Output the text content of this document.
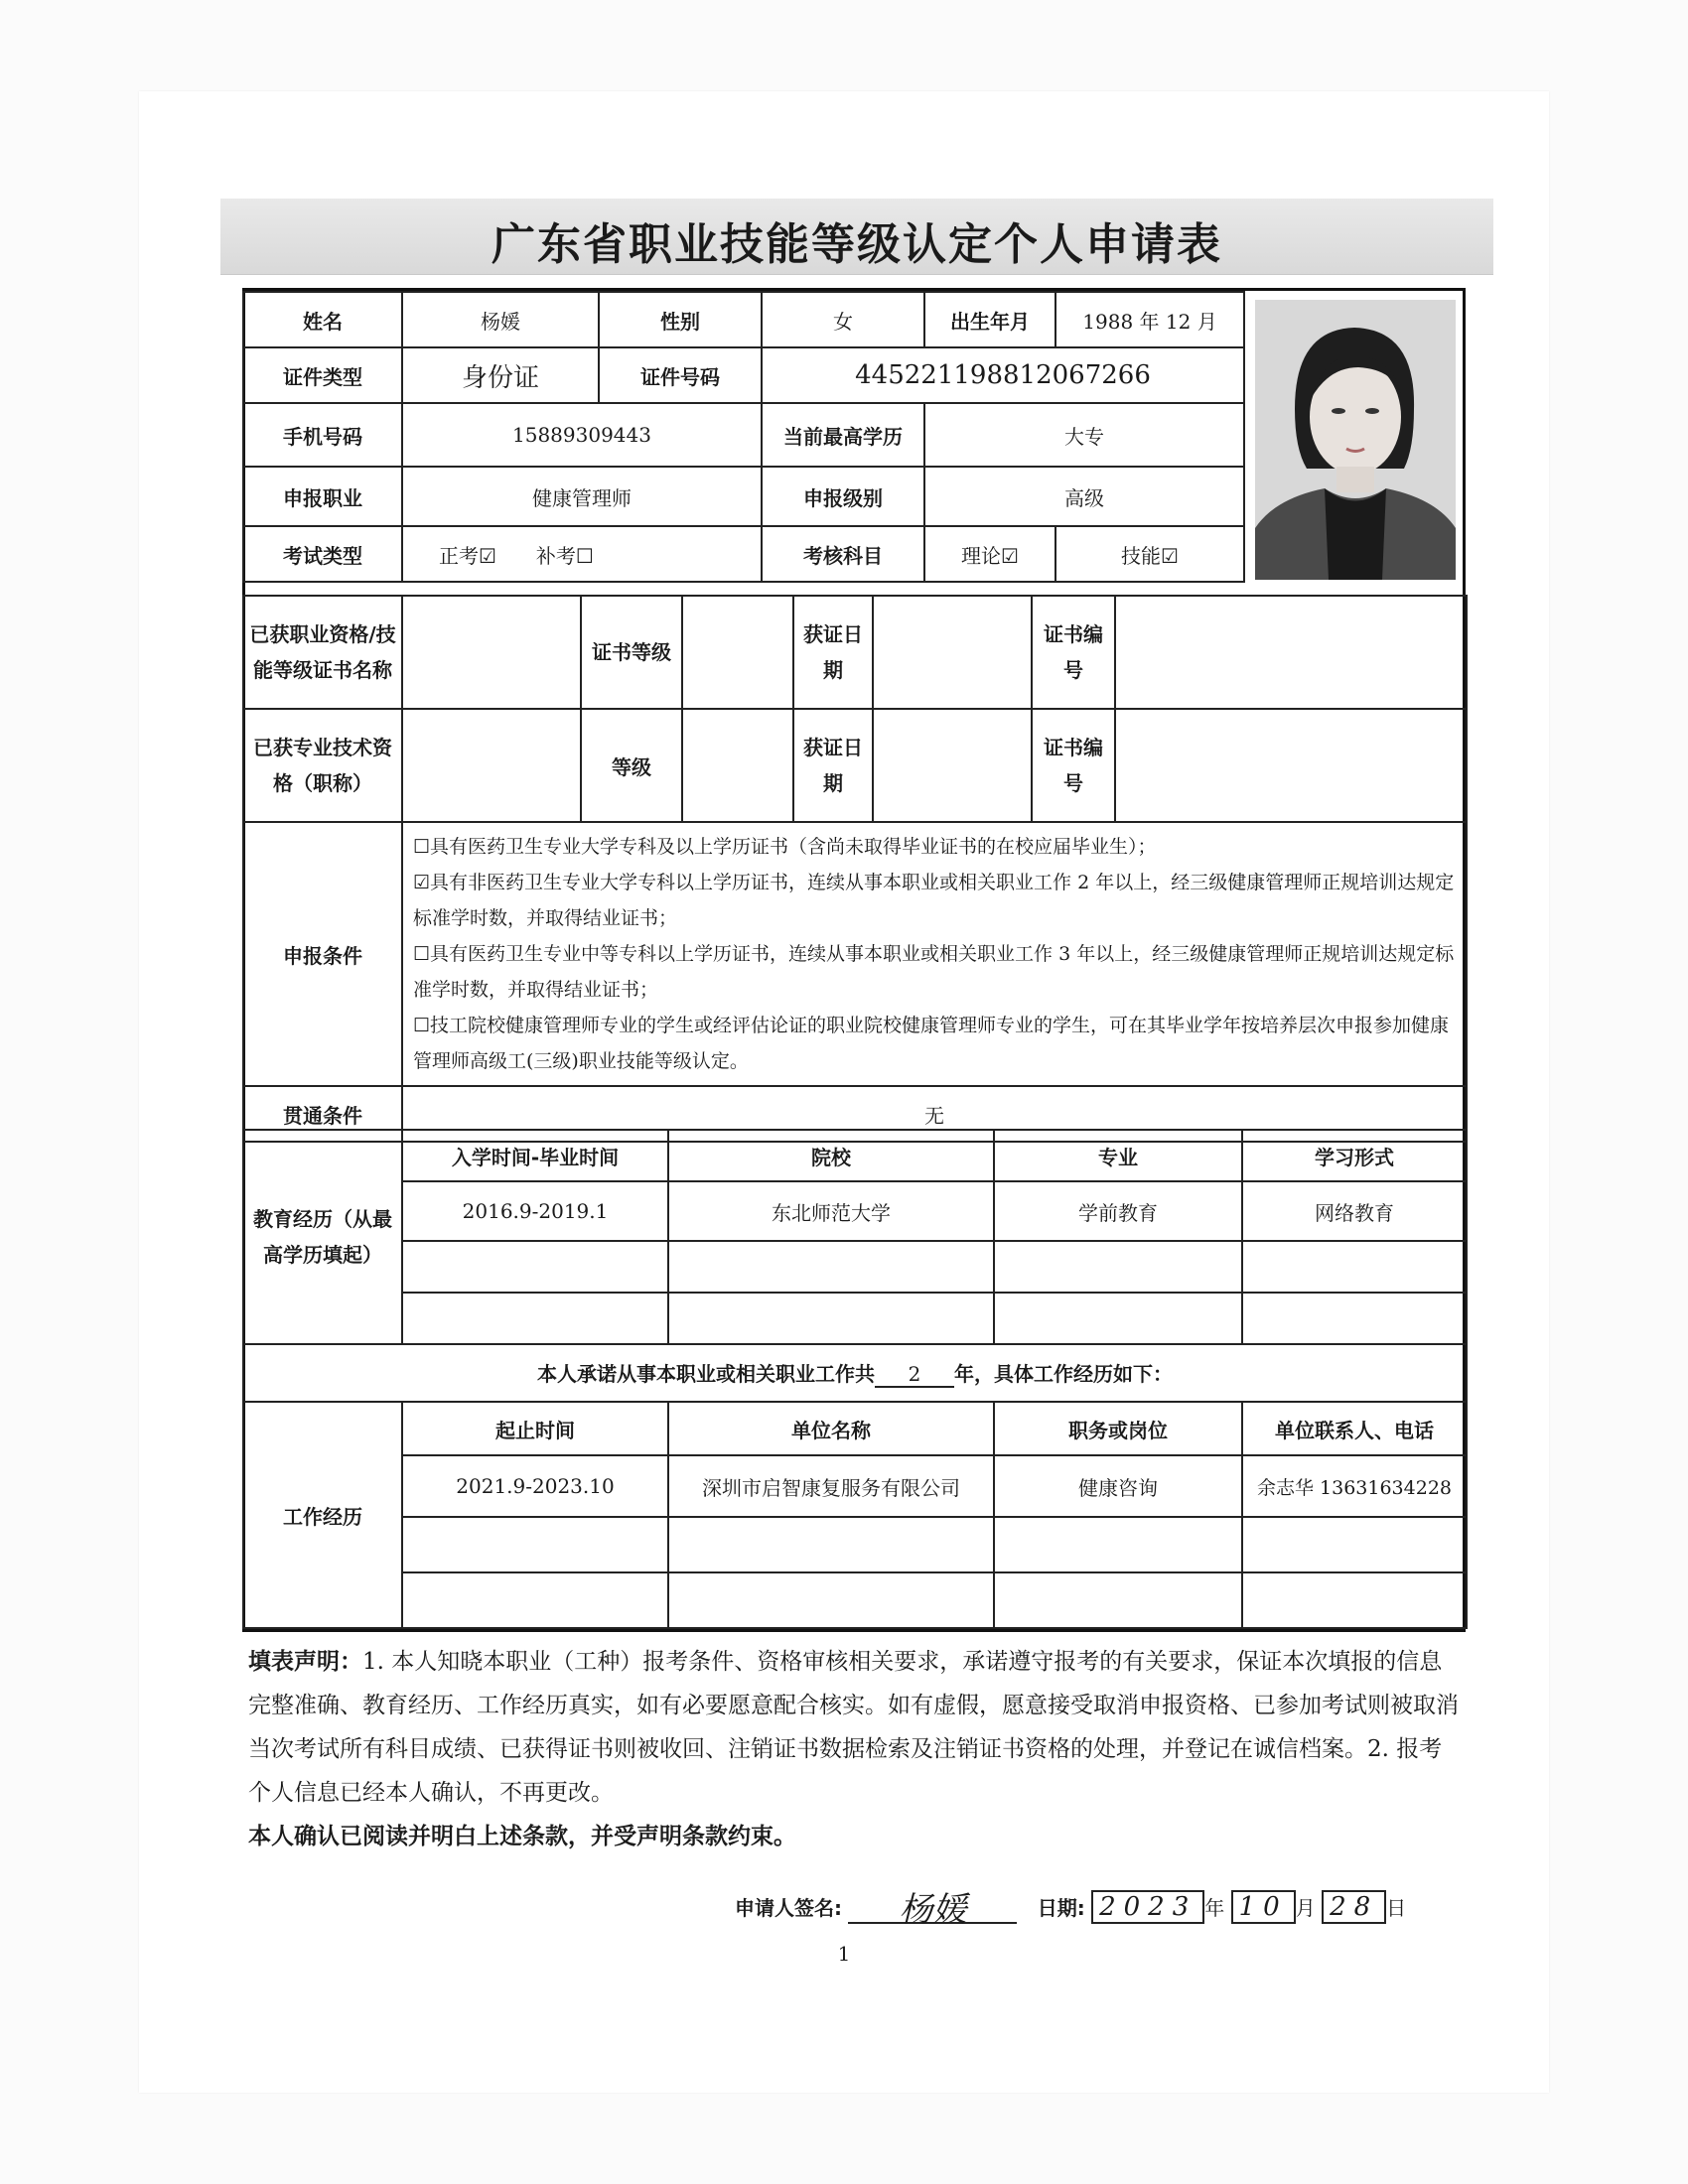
广东省职业技能等级认定个人申请表
姓名	杨媛	性别	女	出生年月	1988 年 12 月
证件类型	身份证	证件号码	445221198812067266		
手机号码	15889309443		当前最高学历	大专	
申报职业	健康管理师		申报级别	高级	
考试类型	正考☑　　补考☐		考核科目	理论☑	技能☑
已获职业资格/技能等级证书名称		证书等级		获证日期		证书编号	
已获专业技术资格（职称）		等级		获证日期		证书编号	
申报条件	☐具有医药卫生专业大学专科及以上学历证书（含尚未取得毕业证书的在校应届毕业生）；
☑具有非医药卫生专业大学专科以上学历证书，连续从事本职业或相关职业工作 2 年以上，经三级健康管理师正规培训达规定标准学时数，并取得结业证书；
☐具有医药卫生专业中等专科以上学历证书，连续从事本职业或相关职业工作 3 年以上，经三级健康管理师正规培训达规定标准学时数，并取得结业证书；
☐技工院校健康管理师专业的学生或经评估论证的职业院校健康管理师专业的学生，可在其毕业学年按培养层次申报参加健康管理师高级工(三级)职业技能等级认定。

贯通条件	无
教育经历（从最高学历填起）	入学时间-毕业时间	院校	专业	学习形式
	2016.9-2019.1	东北师范大学	学前教育	网络教育

本人承诺从事本职业或相关职业工作共 2 年，具体工作经历如下：				
工作经历	起止时间	单位名称	职务或岗位	单位联系人、电话
	2021.9-2023.10	深圳市启智康复服务有限公司	健康咨询	余志华 13631634228

填表声明：1. 本人知晓本职业（工种）报考条件、资格审核相关要求，承诺遵守报考的有关要求，保证本次填报的信息完整准确、教育经历、工作经历真实，如有必要愿意配合核实。如有虚假，愿意接受取消申报资格、已参加考试则被取消当次考试所有科目成绩、已获得证书则被收回、注销证书数据检索及注销证书资格的处理，并登记在诚信档案。2. 报考个人信息已经本人确认，不再更改。
本人确认已阅读并明白上述条款，并受声明条款约束。
申请人签名: 杨媛	日期: 2023 年 10 月 28 日
1
